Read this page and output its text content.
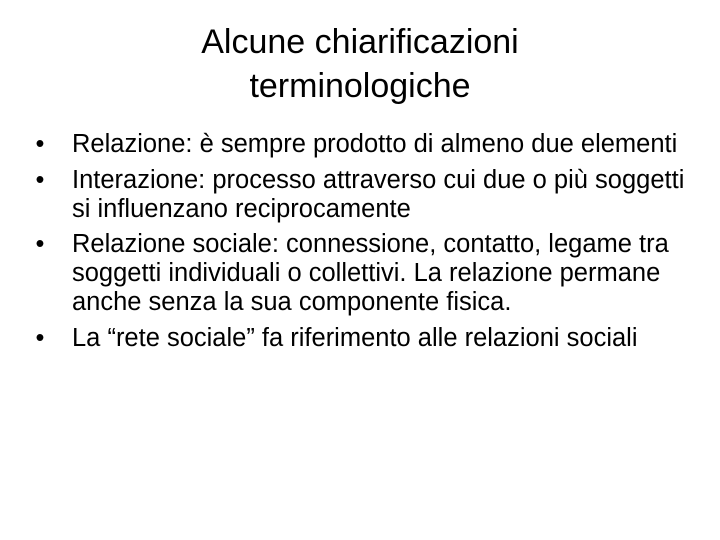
Alcune chiarificazioni
terminologiche
• Relazione: è sempre prodotto di almeno due elementi
• Interazione: processo attraverso cui due o più soggetti si influenzano reciprocamente
• Relazione sociale: connessione, contatto, legame tra soggetti individuali o collettivi. La relazione permane anche senza la sua componente fisica.
• La “rete sociale” fa riferimento alle relazioni sociali
